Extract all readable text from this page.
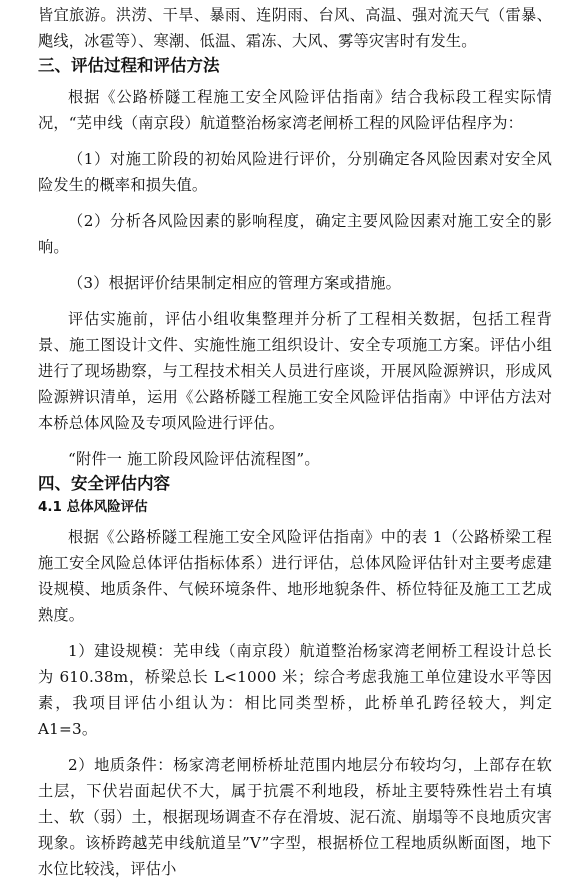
皆宜旅游。洪涝、干旱、暴雨、连阴雨、台风、高温、强对流天气（雷暴、飑线，冰雹等）、寒潮、低温、霜冻、大风、雾等灾害时有发生。

三、评估过程和评估方法

根据《公路桥隧工程施工安全风险评估指南》结合我标段工程实际情况，“芜申线（南京段）航道整治杨家湾老闸桥工程的风险评估程序为：

（1）对施工阶段的初始风险进行评价，分别确定各风险因素对安全风险发生的概率和损失值。

（2）分析各风险因素的影响程度，确定主要风险因素对施工安全的影响。

（3）根据评价结果制定相应的管理方案或措施。

评估实施前，评估小组收集整理并分析了工程相关数据，包括工程背景、施工图设计文件、实施性施工组织设计、安全专项施工方案。评估小组进行了现场勘察，与工程技术相关人员进行座谈，开展风险源辨识，形成风险源辨识清单，运用《公路桥隧工程施工安全风险评估指南》中评估方法对本桥总体风险及专项风险进行评估。

“附件一 施工阶段风险评估流程图”。

四、安全评估内容
4.1 总体风险评估

根据《公路桥隧工程施工安全风险评估指南》中的表 1（公路桥梁工程施工安全风险总体评估指标体系）进行评估，总体风险评估针对主要考虑建设规模、地质条件、气候环境条件、地形地貌条件、桥位特征及施工工艺成熟度。

1）建设规模：芜申线（南京段）航道整治杨家湾老闸桥工程设计总长为 610.38m，桥梁总长 L<1000 米；综合考虑我施工单位建设水平等因素，我项目评估小组认为：相比同类型桥，此桥单孔跨径较大，判定 A1=3。

2）地质条件：杨家湾老闸桥桥址范围内地层分布较均匀，上部存在软土层，下伏岩面起伏不大，属于抗震不利地段，桥址主要特殊性岩土有填土、软（弱）土，根据现场调查不存在滑坡、泥石流、崩塌等不良地质灾害现象。该桥跨越芜申线航道呈”V”字型，根据桥位工程地质纵断面图，地下水位比较浅，评估小
